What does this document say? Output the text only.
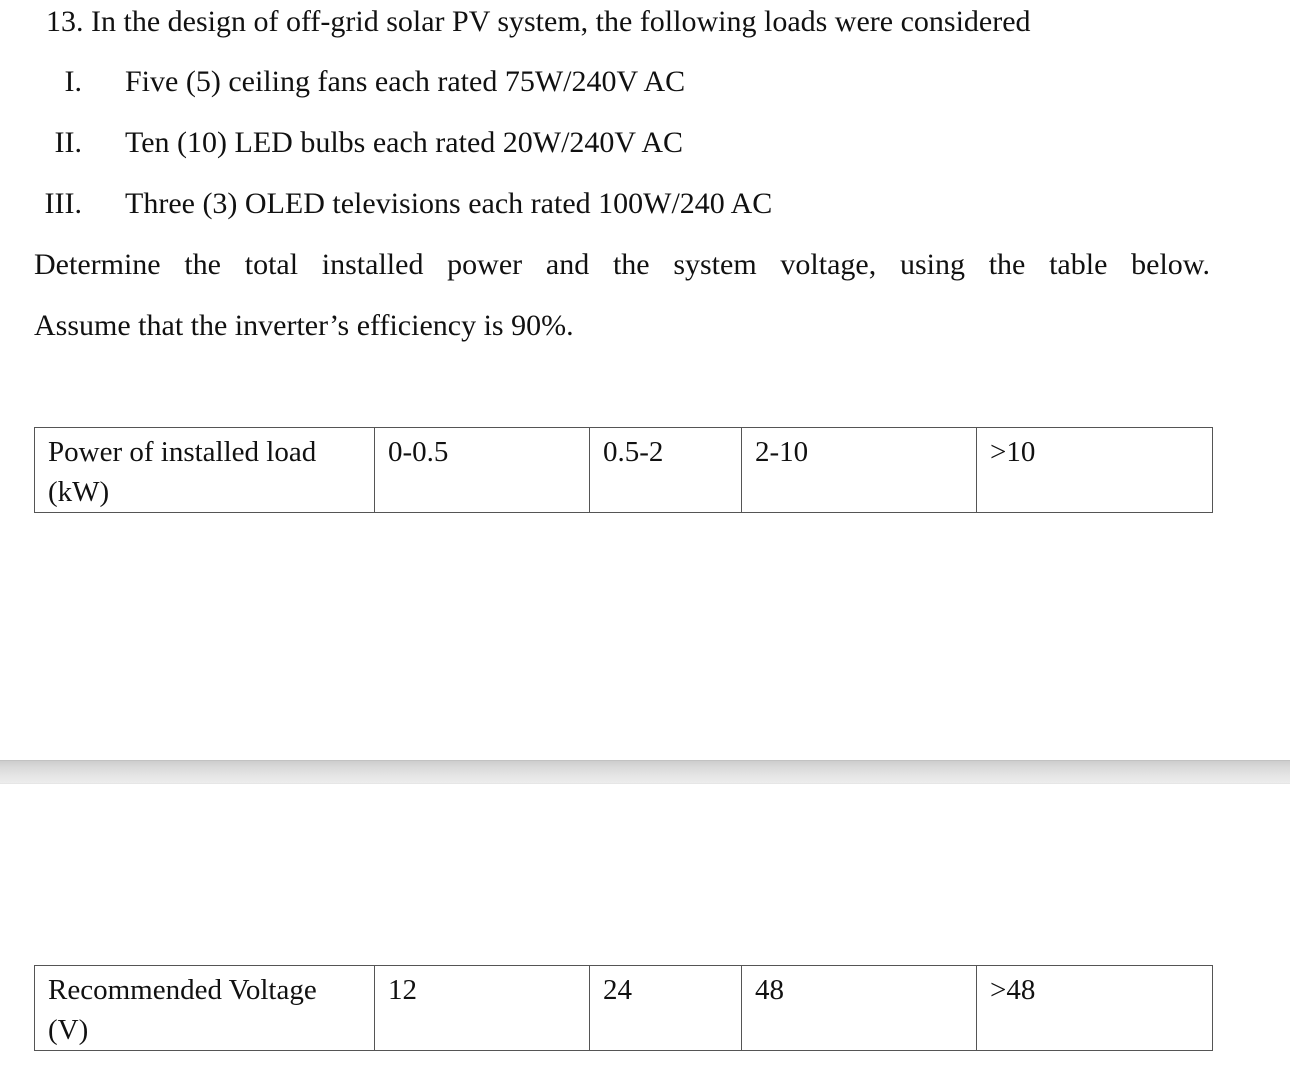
13. In the design of off-grid solar PV system, the following loads were considered
I. Five (5) ceiling fans each rated 75W/240V AC
II. Ten (10) LED bulbs each rated 20W/240V AC
III. Three (3) OLED televisions each rated 100W/240 AC
Determine the total installed power and the system voltage, using the table below.
Assume that the inverter’s efficiency is 90%.
Power of installed load (kW)	0-0.5	0.5-2	2-10	>10
Recommended Voltage (V)	12	24	48	>48
